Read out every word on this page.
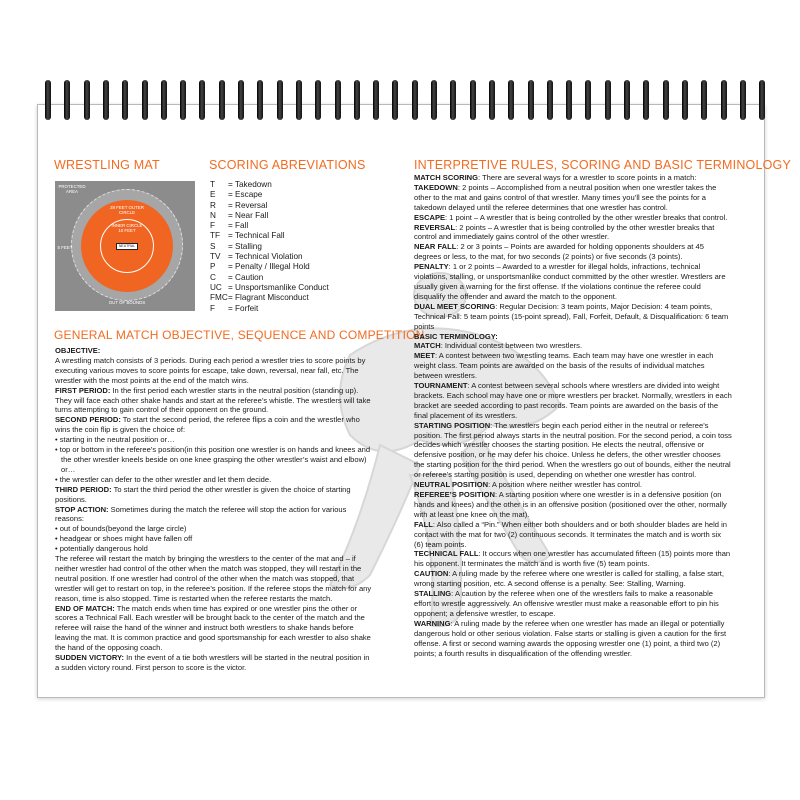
WRESTLING MAT	SCORING ABREVIATIONS
GENERAL MATCH OBJECTIVE, SEQUENCE AND COMPETITION
INTERPRETIVE RULES, SCORING AND BASIC TERMINOLOGY
NEUTRAL
PROTECTED AREA
28 FEET OUTER CIRCLE
INNER CIRCLE 10 FEET
5 FEET
OUT OF BOUNDS
T	= Takedown
E	= Escape
R	= Reversal
N	= Near Fall
F	= Fall
TF = Technical Fall
S	= Stalling
TV = Technical Violation
P	= Penalty / Illegal Hold
C	= Caution
UC = Unsportsmanlike Conduct
FMC = Flagrant Misconduct
F	= Forfeit

OBJECTIVE:

A wrestling match consists of 3 periods. During each period a wrestler tries to score points by executing various moves to score points for escape, take down, reversal, near fall, etc. The wrestler with the most points at the end of the match wins.

FIRST PERIOD: In the first period each wrestler starts in the neutral position (standing up). They will face each other shake hands and start at the referee’s whistle. The wrestlers will take turns attempting to gain control of their opponent on the ground.

SECOND PERIOD: To start the second period, the referee flips a coin and the wrestler who wins the coin flip is given the choice of:

• starting in the neutral position or…

• top or bottom in the referee’s position(in this position one wrestler is on hands and knees and the other wrestler kneels beside on one knee grasping the other wrestler’s waist and elbow) or…

• the wrestler can defer to the other wrestler and let them decide.

THIRD PERIOD: To start the third period the other wrestler is given the choice of starting positions.

STOP ACTION: Sometimes during the match the referee will stop the action for various reasons:

• out of bounds(beyond the large circle)

• headgear or shoes might have fallen off

• potentially dangerous hold

The referee will restart the match by bringing the wrestlers to the center of the mat and – if neither wrestler had control of the other when the match was stopped, they will restart in the neutral position. If one wrestler had control of the other when the match was stopped, that wrestler will get to restart on top, in the referee’s position. If the referee stops the match for any reason, time is also stopped. Time is restarted when the referee restarts the match.

END OF MATCH: The match ends when time has expired or one wrestler pins the other or scores a Technical Fall. Each wrestler will be brought back to the center of the match and the referee will raise the hand of the winner and instruct both wrestlers to shake hands before leaving the mat. It is common practice and good sportsmanship for each wrestler to also shake the hand of the opposing coach.

SUDDEN VICTORY: In the event of a tie both wrestlers will be started in the neutral position in a sudden victory round. First person to score is the victor.

MATCH SCORING: There are several ways for a wrestler to score points in a match:

TAKEDOWN: 2 points – Accomplished from a neutral position when one wrestler takes the other to the mat and gains control of that wrestler. Many times you’ll see the points for a takedown delayed until the referee determines that one wrestler has control.

ESCAPE: 1 point – A wrestler that is being controlled by the other wrestler breaks that control.

REVERSAL: 2 points – A wrestler that is being controlled by the other wrestler breaks that control and immediately gains control of the other wrestler.

NEAR FALL: 2 or 3 points – Points are awarded for holding opponents shoulders at 45 degrees or less, to the mat, for two seconds (2 points) or five seconds (3 points).

PENALTY: 1 or 2 points – Awarded to a wrestler for illegal holds, infractions, technical violations, stalling, or unsportsmanlike conduct committed by the other wrestler. Wrestlers are usually given a warning for the first offense. If the violations continue the referee could disqualify the offender and award the match to the opponent.

DUAL MEET SCORING: Regular Decision: 3 team points, Major Decision: 4 team points, Technical Fall: 5 team points (15-point spread), Fall, Forfeit, Default, & Disqualification: 6 team points

BASIC TERMINOLOGY:

MATCH: Individual contest between two wrestlers.

MEET: A contest between two wrestling teams. Each team may have one wrestler in each weight class. Team points are awarded on the basis of the results of individual matches between wrestlers.

TOURNAMENT: A contest between several schools where wrestlers are divided into weight brackets. Each school may have one or more wrestlers per bracket. Normally, wrestlers in each bracket are seeded according to past records. Team points are awarded on the basis of the final placement of its wrestlers.

STARTING POSITION: The wrestlers begin each period either in the neutral or referee’s position. The first period always starts in the neutral position. For the second period, a coin toss decides which wrestler chooses the starting position. He elects the neutral, offensive or defensive position, or he may defer his choice. Unless he defers, the other wrestler chooses the starting position for the third period. When the wrestlers go out of bounds, either the neutral or referee’s starting position is used, depending on whether one wrestler has control.

NEUTRAL POSITION: A position where neither wrestler has control.

REFEREE’S POSITION: A starting position where one wrestler is in a defensive position (on hands and knees) and the other is in an offensive position (positioned over the other, normally with at least one knee on the mat).

FALL: Also called a “Pin.” When either both shoulders and or both shoulder blades are held in contact with the mat for two (2) continuous seconds. It terminates the match and is worth six (6) team points.

TECHNICAL FALL: It occurs when one wrestler has accumulated fifteen (15) points more than his opponent. It terminates the match and is worth five (5) team points.

CAUTION: A ruling made by the referee where one wrestler is called for stalling, a false start, wrong starting position, etc. A second offense is a penalty. See: Stalling, Warning.

STALLING: A caution by the referee when one of the wrestlers fails to make a reasonable effort to wrestle aggressively. An offensive wrestler must make a reasonable effort to pin his opponent; a defensive wrestler, to escape.

WARNING: A ruling made by the referee when one wrestler has made an illegal or potentially dangerous hold or other serious violation. False starts or stalling is given a caution for the first offense. A first or second warning awards the opposing wrestler one (1) point, a third two (2) points; a fourth results in disqualification of the offending wrestler.
